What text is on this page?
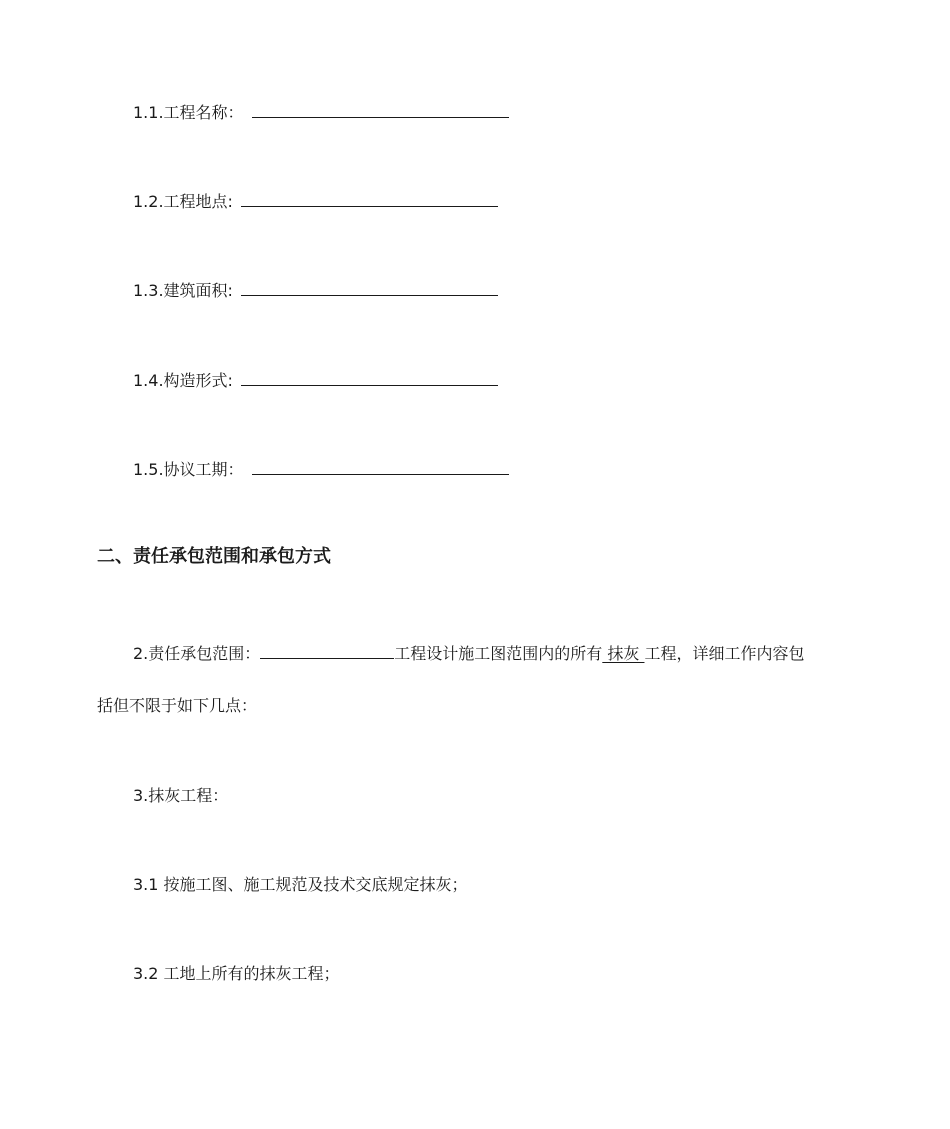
1.1.工程名称：
1.2.工程地点:
1.3.建筑面积:
1.4.构造形式:
1.5.协议工期：
二、责任承包范围和承包方式
2.责任承包范围：	工程设计施工图范围内的所有 抹灰 工程，详细工作内容包
括但不限于如下几点：
3.抹灰工程：
3.1 按施工图、施工规范及技术交底规定抹灰；
3.2 工地上所有的抹灰工程；
